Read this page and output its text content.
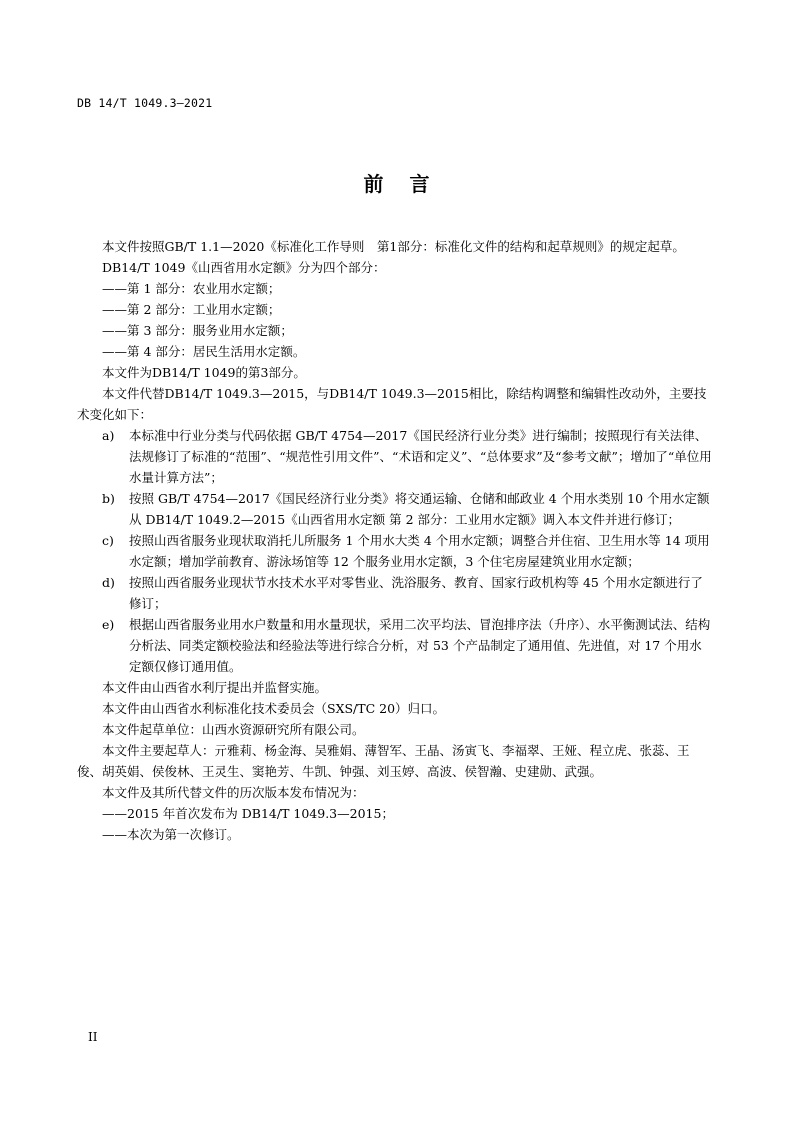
DB 14/T 1049.3—2021
前言

本文件按照GB/T 1.1—2020《标准化工作导则　第1部分：标准化文件的结构和起草规则》的规定起草。

DB14/T 1049《山西省用水定额》分为四个部分：

——第 1 部分：农业用水定额；

——第 2 部分：工业用水定额；

——第 3 部分：服务业用水定额；

——第 4 部分：居民生活用水定额。

本文件为DB14/T 1049的第3部分。

本文件代替DB14/T 1049.3—2015，与DB14/T 1049.3—2015相比，除结构调整和编辑性改动外，主要技术变化如下：

a)	本标准中行业分类与代码依据 GB/T 4754—2017《国民经济行业分类》进行编制；按照现行有关法律、法规修订了标准的“范围”、“规范性引用文件”、“术语和定义”、“总体要求”及“参考文献”；增加了“单位用水量计算方法”；
b)	按照 GB/T 4754—2017《国民经济行业分类》将交通运输、仓储和邮政业 4 个用水类别 10 个用水定额从 DB14/T 1049.2—2015《山西省用水定额 第 2 部分：工业用水定额》调入本文件并进行修订；
c)	按照山西省服务业现状取消托儿所服务 1 个用水大类 4 个用水定额；调整合并住宿、卫生用水等 14 项用水定额；增加学前教育、游泳场馆等 12 个服务业用水定额，3 个住宅房屋建筑业用水定额；
d)	按照山西省服务业现状节水技术水平对零售业、洗浴服务、教育、国家行政机构等 45 个用水定额进行了修订；
e)	根据山西省服务业用水户数量和用水量现状，采用二次平均法、冒泡排序法（升序）、水平衡测试法、结构分析法、同类定额校验法和经验法等进行综合分析，对 53 个产品制定了通用值、先进值，对 17 个用水定额仅修订通用值。

本文件由山西省水利厅提出并监督实施。

本文件由山西省水利标准化技术委员会（SXS/TC 20）归口。

本文件起草单位：山西水资源研究所有限公司。

本文件主要起草人：亓雅莉、杨金海、吴雅娟、薄智军、王晶、汤寅飞、李福翠、王娅、程立虎、张蕊、王俊、胡英娟、侯俊林、王灵生、窦艳芳、牛凯、钟强、刘玉婷、高波、侯智瀚、史建勋、武强。

本文件及其所代替文件的历次版本发布情况为：

——2015 年首次发布为 DB14/T 1049.3—2015；

——本次为第一次修订。

II
